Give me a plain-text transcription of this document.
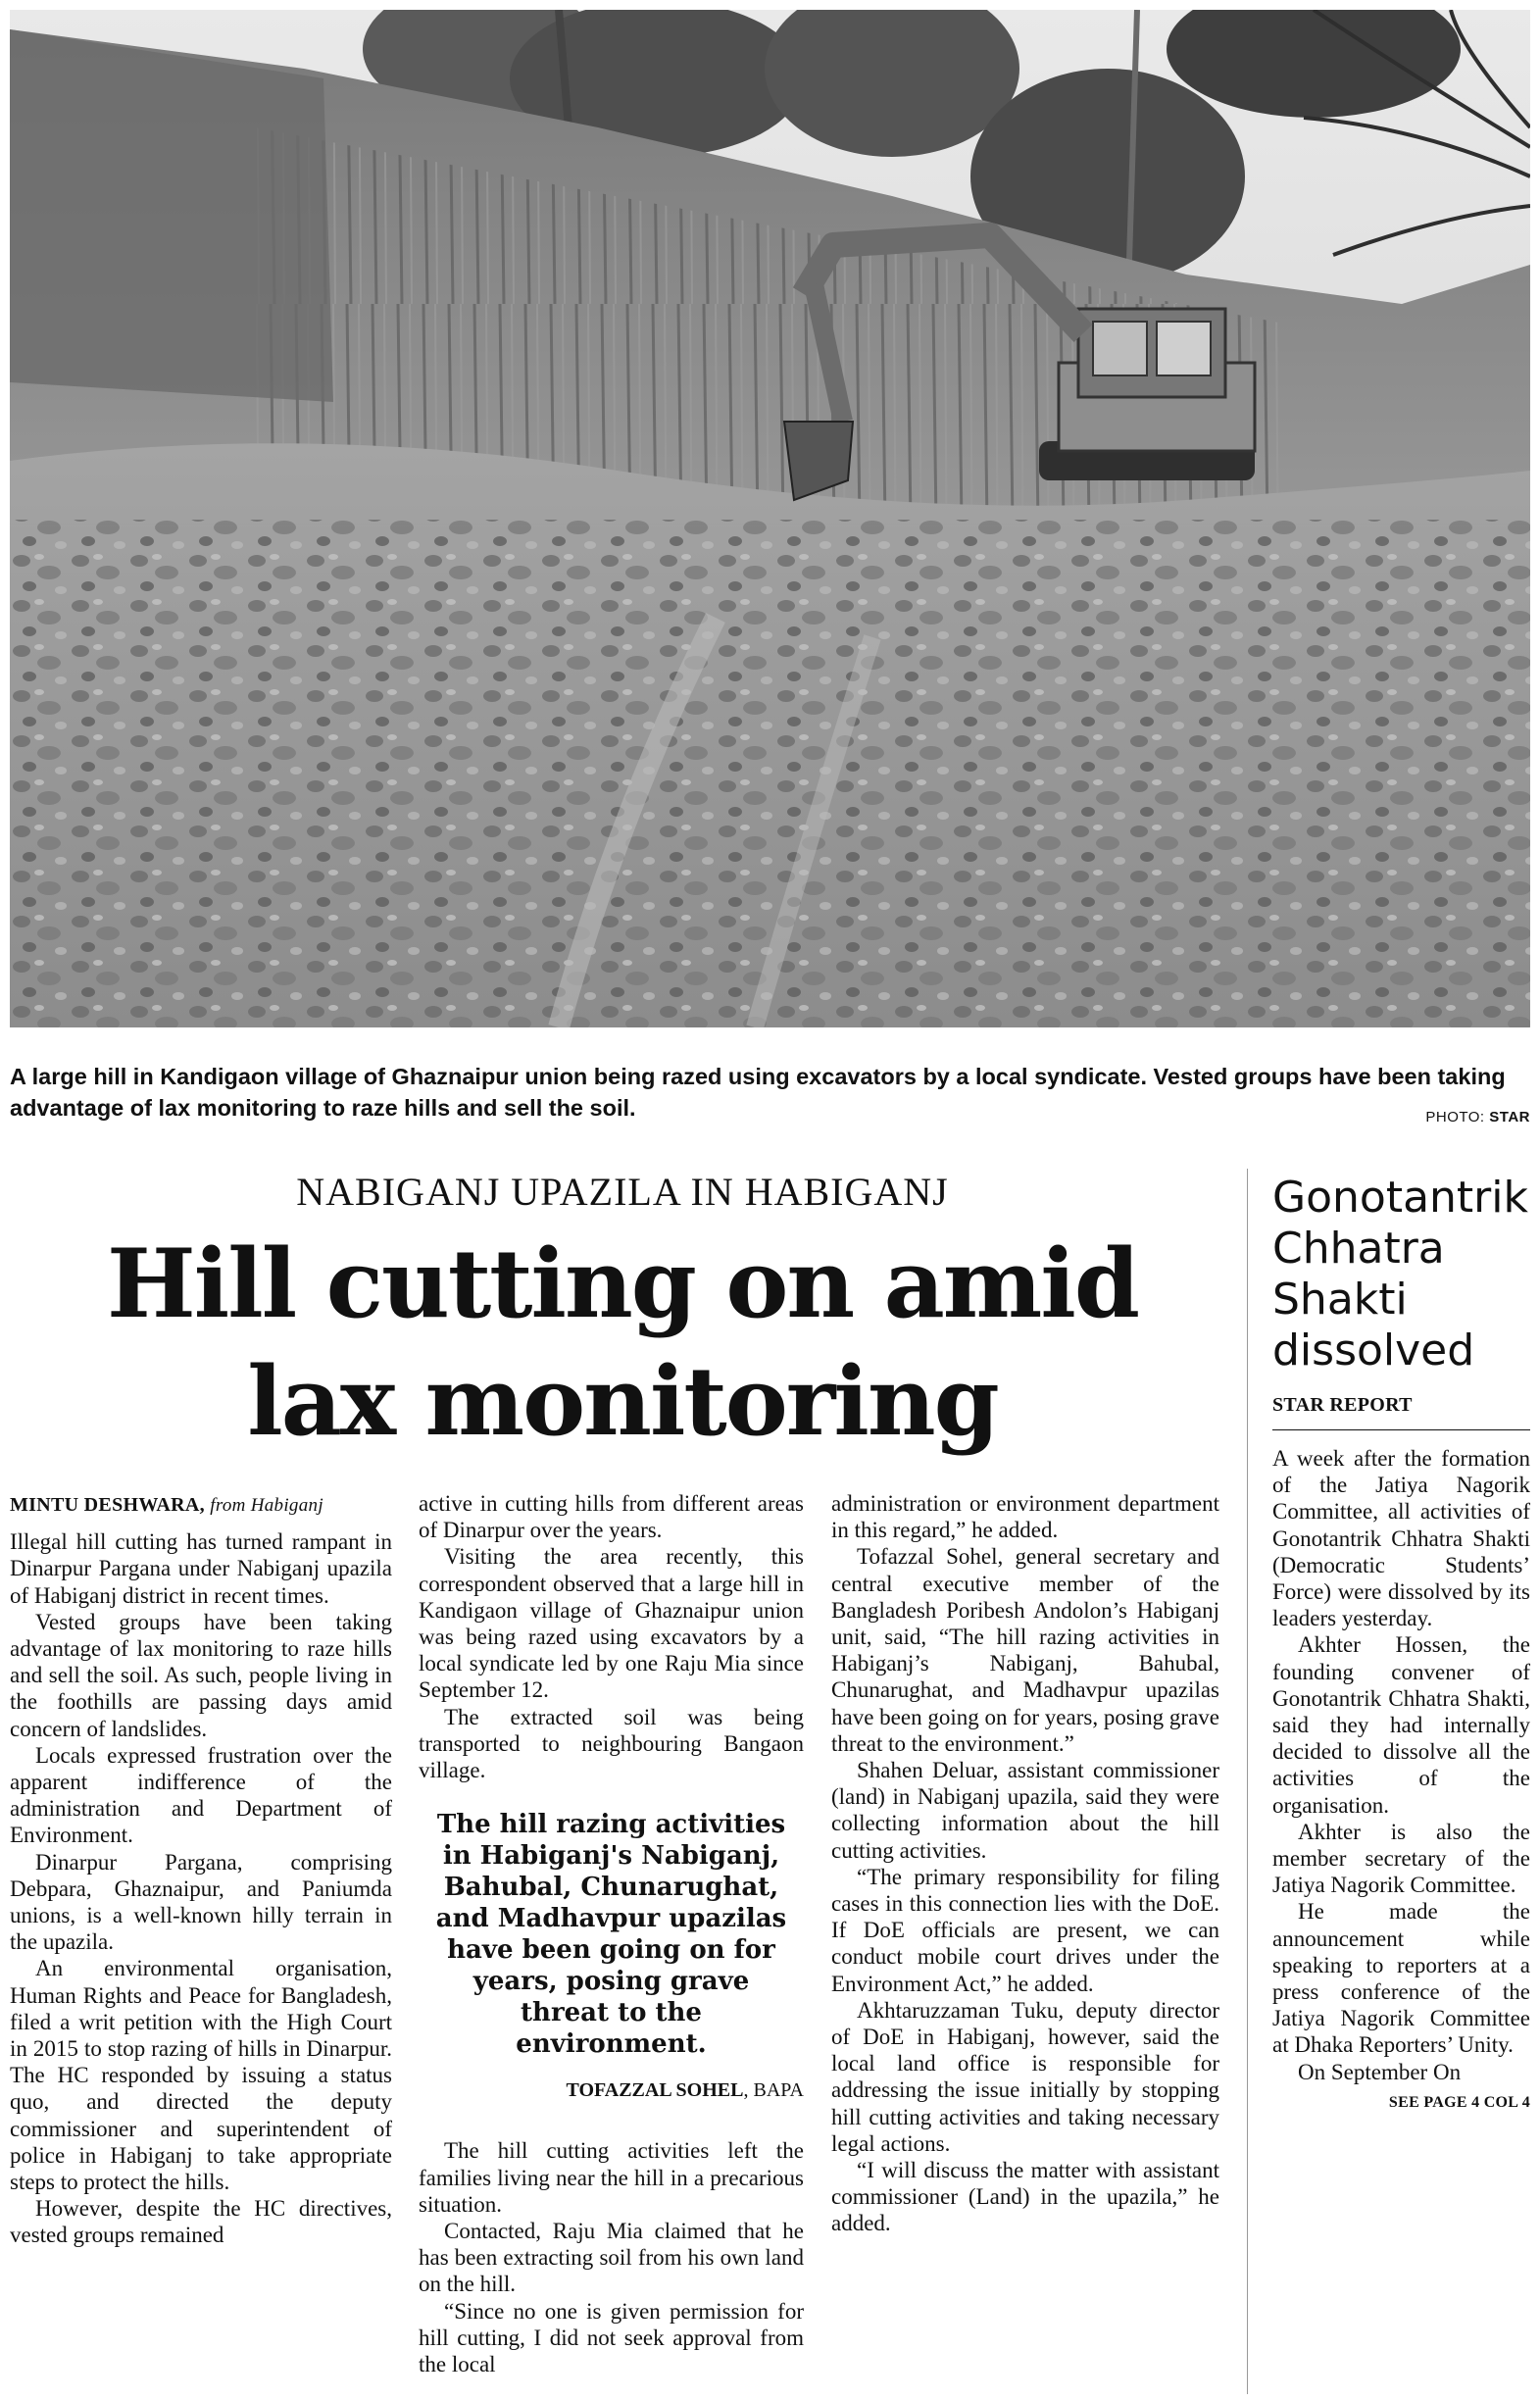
A large hill in Kandigaon village of Ghaznaipur union being razed using excavators by a local syndicate. Vested groups have been taking advantage of lax monitoring to raze hills and sell the soil.	PHOTO: STAR
NABIGANJ UPAZILA IN HABIGANJ
Hill cutting on amid
lax monitoring
MINTU DESHWARA, from Habiganj

Illegal hill cutting has turned rampant in Dinarpur Pargana under Nabiganj upazila of Habiganj district in recent times.

Vested groups have been taking advantage of lax monitoring to raze hills and sell the soil. As such, people living in the foothills are passing days amid concern of landslides.

Locals expressed frustration over the apparent indifference of the administration and Department of Environment.

Dinarpur Pargana, comprising Debpara, Ghaznaipur, and Paniumda unions, is a well-known hilly terrain in the upazila.

An environmental organisation, Human Rights and Peace for Bangladesh, filed a writ petition with the High Court in 2015 to stop razing of hills in Dinarpur. The HC responded by issuing a status quo, and directed the deputy commissioner and superintendent of police in Habiganj to take appropriate steps to protect the hills.

However, despite the HC directives, vested groups remained

active in cutting hills from different areas of Dinarpur over the years.

Visiting the area recently, this correspondent observed that a large hill in Kandigaon village of Ghaznaipur union was being razed using excavators by a local syndicate led by one Raju Mia since September 12.

The extracted soil was being transported to neighbouring Bangaon village.

The hill razing activities in Habiganj's Nabiganj, Bahubal, Chunarughat, and Madhavpur upazilas have been going on for years, posing grave threat to the environment.
TOFAZZAL SOHEL, BAPA

The hill cutting activities left the families living near the hill in a precarious situation.

Contacted, Raju Mia claimed that he has been extracting soil from his own land on the hill.

“Since no one is given permission for hill cutting, I did not seek approval from the local

administration or environment department in this regard,” he added.

Tofazzal Sohel, general secretary and central executive member of the Bangladesh Poribesh Andolon’s Habiganj unit, said, “The hill razing activities in Habiganj’s Nabiganj, Bahubal, Chunarughat, and Madhavpur upazilas have been going on for years, posing grave threat to the environment.”

Shahen Deluar, assistant commissioner (land) in Nabiganj upazila, said they were collecting information about the hill cutting activities.

“The primary responsibility for filing cases in this connection lies with the DoE. If DoE officials are present, we can conduct mobile court drives under the Environment Act,” he added.

Akhtaruzzaman Tuku, deputy director of DoE in Habiganj, however, said the local land office is responsible for addressing the issue initially by stopping hill cutting activities and taking necessary legal actions.

“I will discuss the matter with assistant commissioner (Land) in the upazila,” he added.

Gonotantrik Chhatra Shakti dissolved
STAR REPORT

A week after the formation of the Jatiya Nagorik Committee, all activities of Gonotantrik Chhatra Shakti (Democratic Students’ Force) were dissolved by its leaders yesterday.

Akhter Hossen, the founding convener of Gonotantrik Chhatra Shakti, said they had internally decided to dissolve all the activities of the organisation.

Akhter is also the member secretary of the Jatiya Nagorik Committee.

He made the announcement while speaking to reporters at a press conference of the Jatiya Nagorik Committee at Dhaka Reporters’ Unity.

On September On

SEE PAGE 4 COL 4
